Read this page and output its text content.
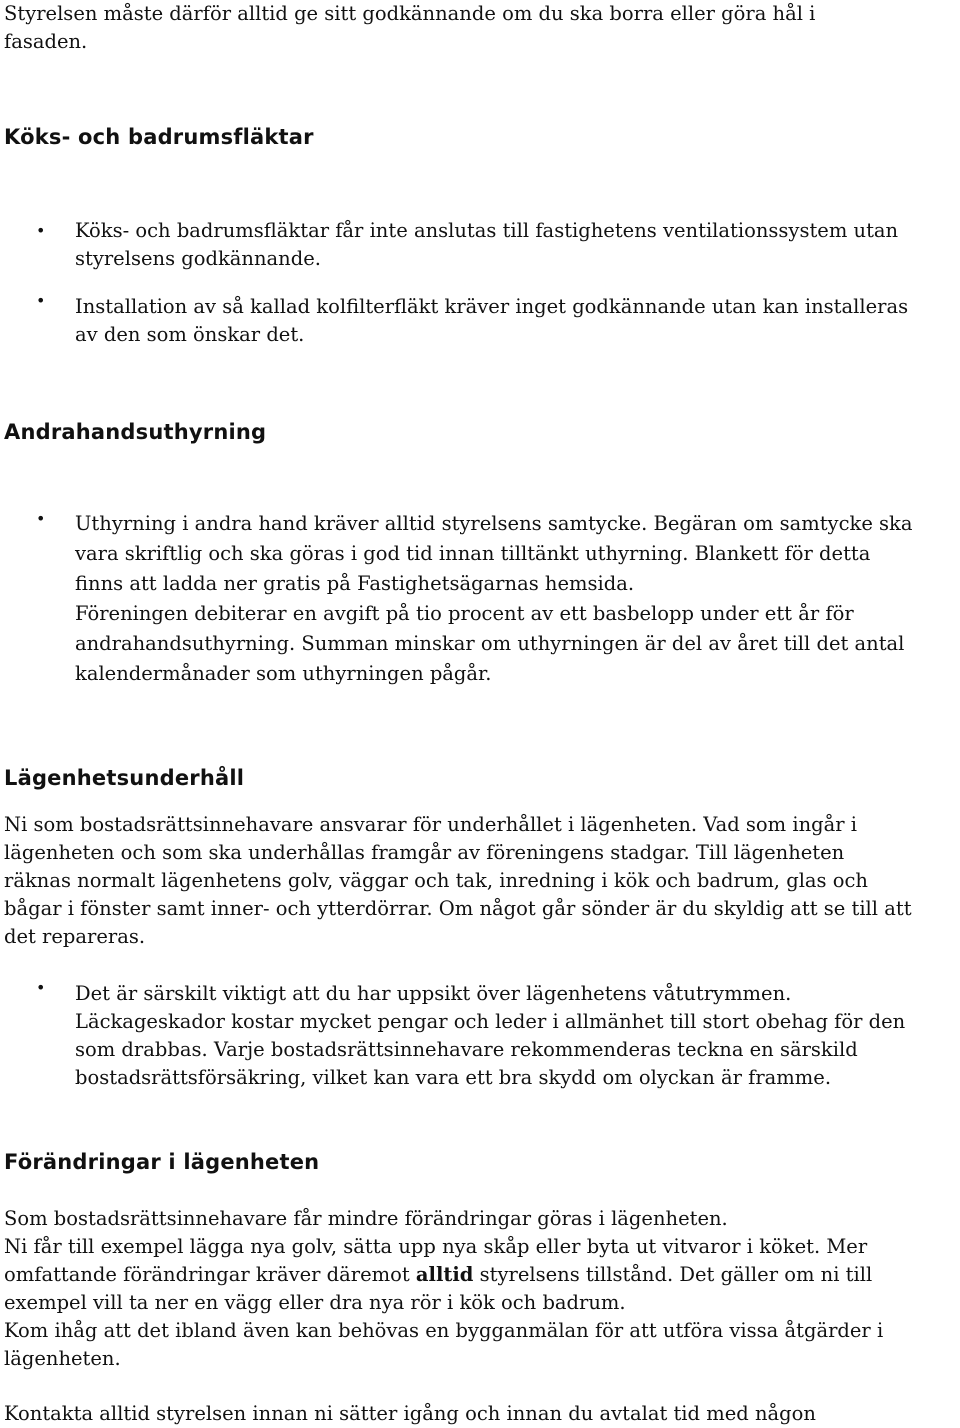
Styrelsen måste därför alltid ge sitt godkännande om du ska borra eller göra hål i
fasaden.

Köks- och badrumsfläktar
• Köks- och badrumsfläktar får inte anslutas till fastighetens ventilationssystem utan
styrelsens godkännande.

• Installation av så kallad kolfilterfläkt kräver inget godkännande utan kan installeras
av den som önskar det.

Andrahandsuthyrning
• Uthyrning i andra hand kräver alltid styrelsens samtycke. Begäran om samtycke ska
vara skriftlig och ska göras i god tid innan tilltänkt uthyrning. Blankett för detta
finns att ladda ner gratis på Fastighetsägarnas hemsida.
Föreningen debiterar en avgift på tio procent av ett basbelopp under ett år för
andrahandsuthyrning. Summan minskar om uthyrningen är del av året till det antal
kalendermånader som uthyrningen pågår.

Lägenhetsunderhåll

Ni som bostadsrättsinnehavare ansvarar för underhållet i lägenheten. Vad som ingår i
lägenheten och som ska underhållas framgår av föreningens stadgar. Till lägenheten
räknas normalt lägenhetens golv, väggar och tak, inredning i kök och badrum, glas och
bågar i fönster samt inner- och ytterdörrar. Om något går sönder är du skyldig att se till att
det repareras.

• Det är särskilt viktigt att du har uppsikt över lägenhetens våtutrymmen.
Läckageskador kostar mycket pengar och leder i allmänhet till stort obehag för den
som drabbas. Varje bostadsrättsinnehavare rekommenderas teckna en särskild
bostadsrättsförsäkring, vilket kan vara ett bra skydd om olyckan är framme.

Förändringar i lägenheten

Som bostadsrättsinnehavare får mindre förändringar göras i lägenheten.
Ni får till exempel lägga nya golv, sätta upp nya skåp eller byta ut vitvaror i köket. Mer
omfattande förändringar kräver däremot alltid styrelsens tillstånd. Det gäller om ni till
exempel vill ta ner en vägg eller dra nya rör i kök och badrum.
Kom ihåg att det ibland även kan behövas en bygganmälan för att utföra vissa åtgärder i
lägenheten.

Kontakta alltid styrelsen innan ni sätter igång och innan du avtalat tid med någon
